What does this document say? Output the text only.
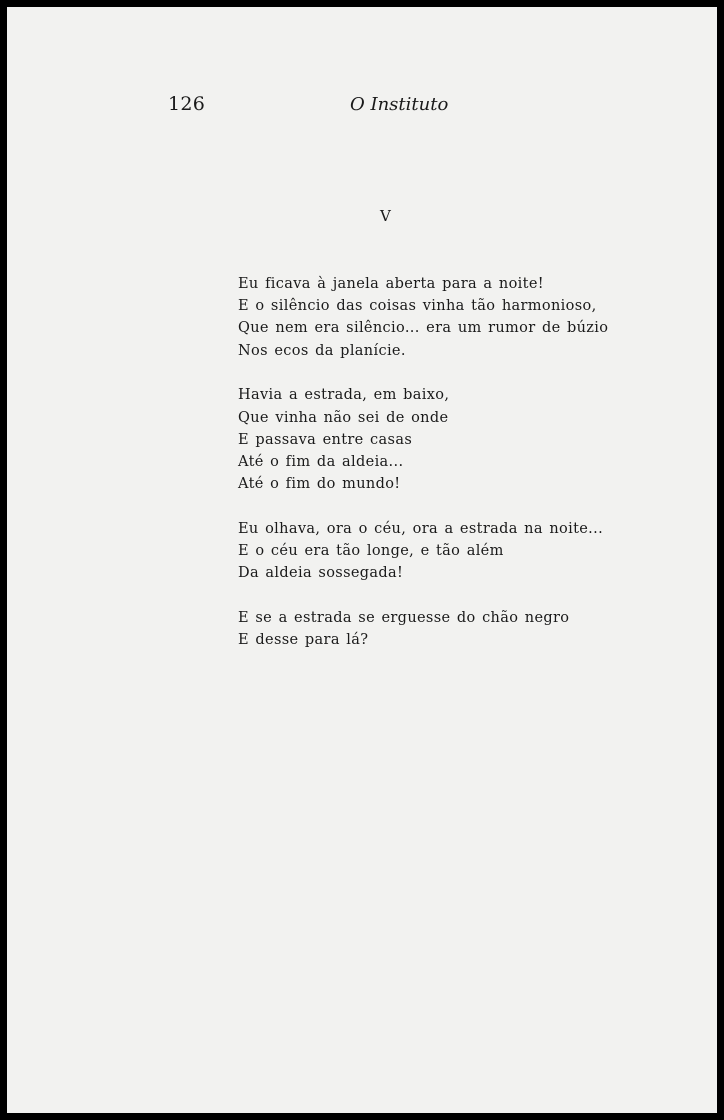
126	O Instituto
V
Eu ficava à janela aberta para a noite!
E o silêncio das coisas vinha tão harmonioso,
Que nem era silêncio... era um rumor de búzio
Nos ecos da planície.
Havia a estrada, em baixo,
Que vinha não sei de onde
E passava entre casas
Até o fim da aldeia...
Até o fim do mundo!
Eu olhava, ora o céu, ora a estrada na noite...
E o céu era tão longe, e tão além
Da aldeia sossegada!
E se a estrada se erguesse do chão negro
E desse para lá?
